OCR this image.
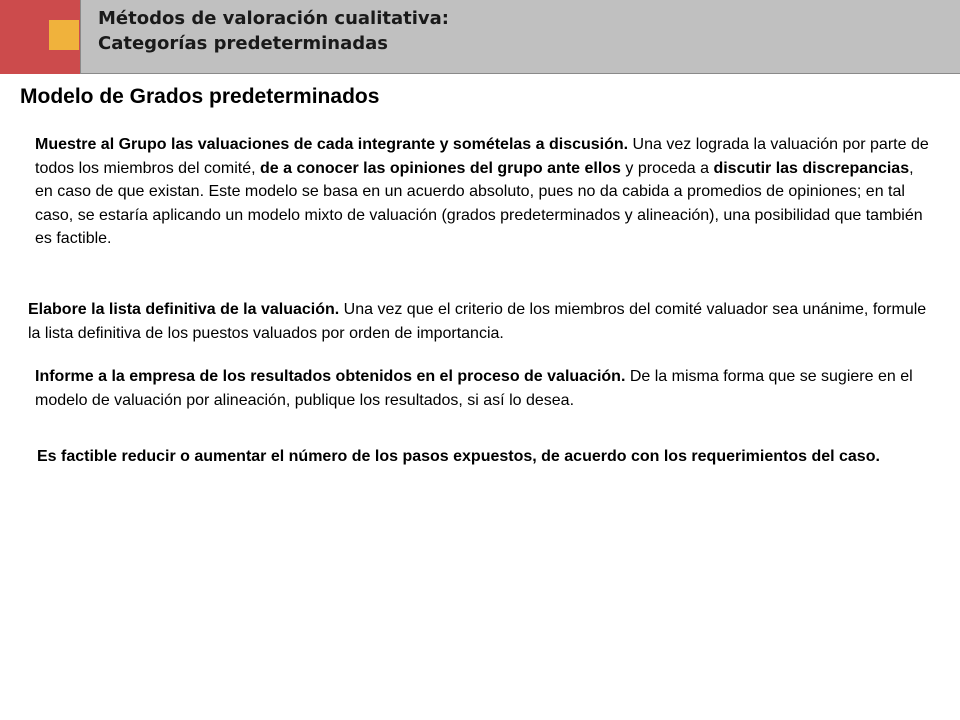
Métodos de valoración cualitativa:
Categorías predeterminadas
Modelo de Grados predeterminados

Muestre al Grupo las valuaciones de cada integrante y somételas a discusión. Una vez lograda la valuación por parte de todos los miembros del comité, de a conocer las opiniones del grupo ante ellos y proceda a discutir las discrepancias, en caso de que existan. Este modelo se basa en un acuerdo absoluto, pues no da cabida a promedios de opiniones; en tal caso, se estaría aplicando un modelo mixto de valuación (grados predeterminados y alineación), una posibilidad que también es factible.

Elabore la lista definitiva de la valuación. Una vez que el criterio de los miembros del comité valuador sea unánime, formule la lista definitiva de los puestos valuados por orden de importancia.

Informe a la empresa de los resultados obtenidos en el proceso de valuación. De la misma forma que se sugiere en el modelo de valuación por alineación, publique los resultados, si así lo desea.

Es factible reducir o aumentar el número de los pasos expuestos, de acuerdo con los requerimientos del caso.
